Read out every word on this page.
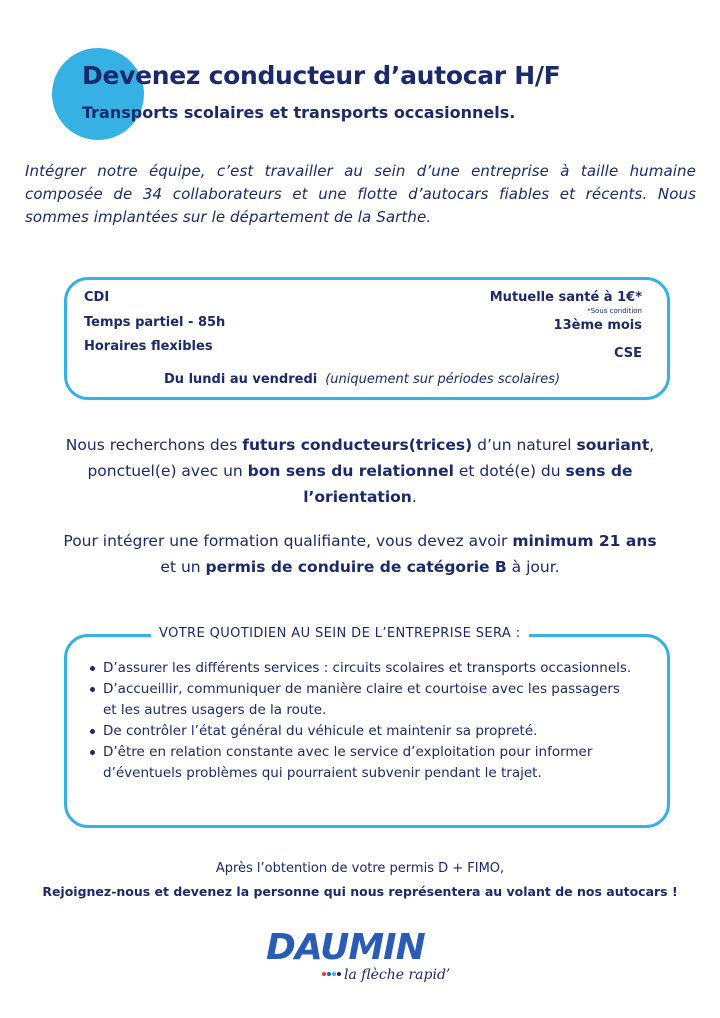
Devenez conducteur d’autocar H/F
Transports scolaires et transports occasionnels.

Intégrer notre équipe, c’est travailler au sein d’une entreprise à taille humaine composée de 34 collaborateurs et une flotte d’autocars fiables et récents. Nous sommes implantées sur le département de la Sarthe.

CDI
Temps partiel - 85h
Horaires flexibles
Mutuelle santé à 1€*
*Sous condition
13ème mois
CSE
Du lundi au vendredi (uniquement sur périodes scolaires)

Nous recherchons des futurs conducteurs(trices) d’un naturel souriant, ponctuel(e) avec un bon sens du relationnel et doté(e) du sens de l’orientation.

Pour intégrer une formation qualifiante, vous devez avoir minimum 21 ans et un permis de conduire de catégorie B à jour.

VOTRE QUOTIDIEN AU SEIN DE L’ENTREPRISE SERA :
D’assurer les différents services : circuits scolaires et transports occasionnels.
D’accueillir, communiquer de manière claire et courtoise avec les passagers et les autres usagers de la route.
De contrôler l’état général du véhicule et maintenir sa propreté.
D’être en relation constante avec le service d’exploitation pour informer d’éventuels problèmes qui pourraient subvenir pendant le trajet.
Après l’obtention de votre permis D + FIMO,
Rejoignez-nous et devenez la personne qui nous représentera au volant de nos autocars !
DAUMIN
la flèche rapid’
